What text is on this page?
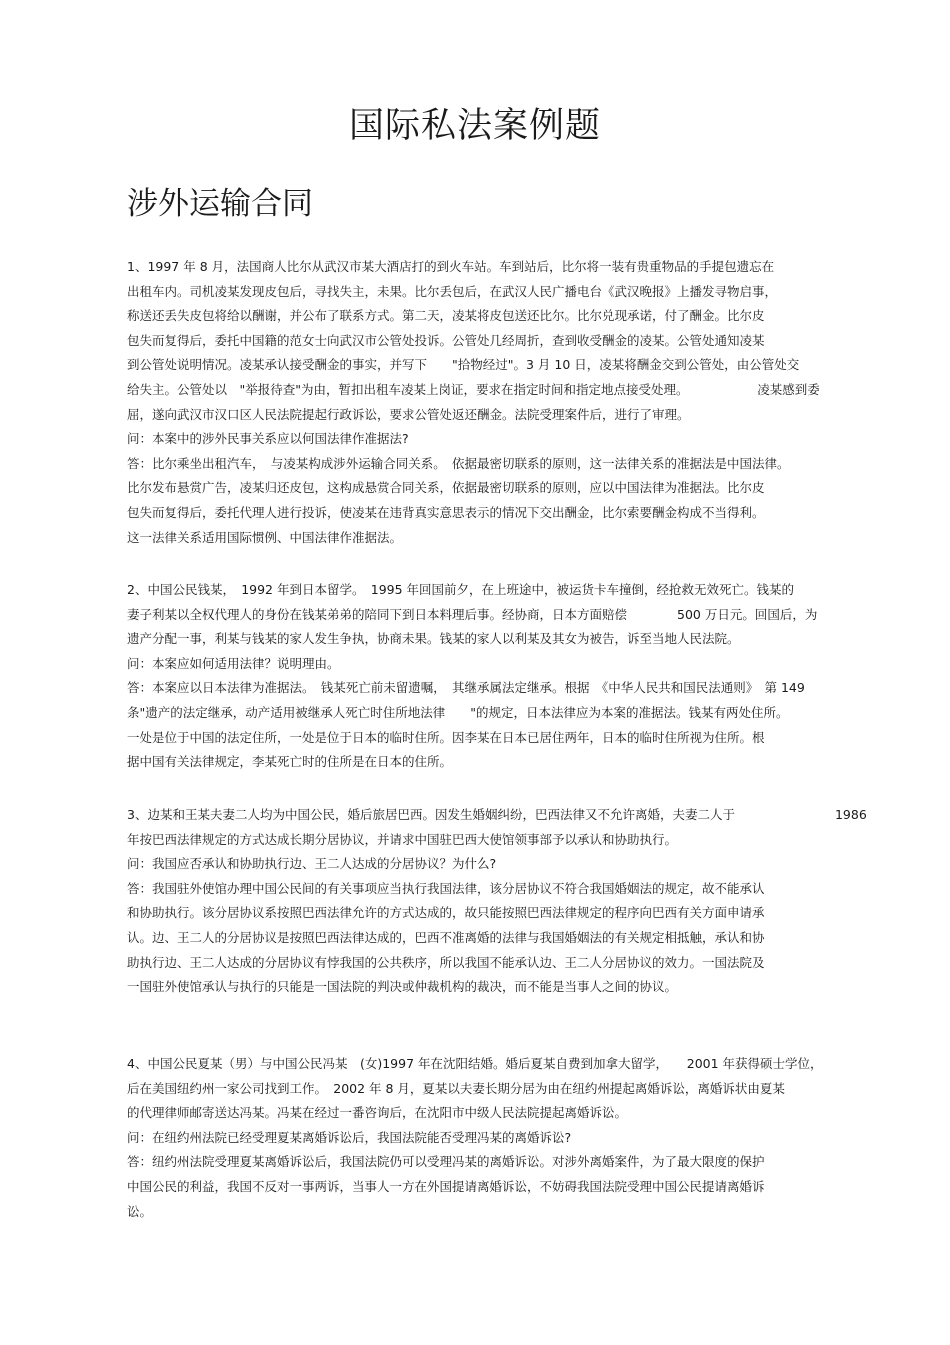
国际私法案例题
涉外运输合同
1、1997 年 8 月，法国商人比尔从武汉市某大酒店打的到火车站。车到站后，比尔将一装有贵重物品的手提包遗忘在
出租车内。司机凌某发现皮包后，寻找失主，未果。比尔丢包后，在武汉人民广播电台《武汉晚报》上播发寻物启事，
称送还丢失皮包将给以酬谢，并公布了联系方式。第二天，凌某将皮包送还比尔。比尔兑现承诺，付了酬金。比尔皮
包失而复得后，委托中国籍的范女士向武汉市公管处投诉。公管处几经周折，查到收受酬金的凌某。公管处通知凌某
到公管处说明情况。凌某承认接受酬金的事实，并写下　　"拾物经过"。3 月 10 日，凌某将酬金交到公管处，由公管处交
给失主。公管处以　"举报待查"为由，暂扣出租车凌某上岗证，要求在指定时间和指定地点接受处理。　　　　　　凌某感到委
屈，遂向武汉市汉口区人民法院提起行政诉讼，要求公管处返还酬金。法院受理案件后，进行了审理。
问：本案中的涉外民事关系应以何国法律作准据法?
答：比尔乘坐出租汽车，　与凌某构成涉外运输合同关系。　依据最密切联系的原则，这一法律关系的准据法是中国法律。
比尔发布悬赏广告，凌某归还皮包，这构成悬赏合同关系，依据最密切联系的原则，应以中国法律为准据法。比尔皮
包失而复得后，委托代理人进行投诉，使凌某在违背真实意思表示的情况下交出酬金，比尔索要酬金构成不当得利。
这一法律关系适用国际惯例、中国法律作准据法。
2、中国公民钱某，　1992 年到日本留学。　1995 年回国前夕，在上班途中，被运货卡车撞倒，经抢救无效死亡。钱某的
妻子利某以全权代理人的身份在钱某弟弟的陪同下到日本料理后事。经协商，日本方面赔偿　　　　500 万日元。回国后，为
遗产分配一事，利某与钱某的家人发生争执，协商未果。钱某的家人以利某及其女为被告，诉至当地人民法院。
问：本案应如何适用法律？说明理由。
答：本案应以日本法律为准据法。　钱某死亡前未留遗嘱，　其继承属法定继承。根据　《中华人民共和国民法通则》　第 149
条"遗产的法定继承，动产适用被继承人死亡时住所地法律　　"的规定，日本法律应为本案的准据法。钱某有两处住所。
一处是位于中国的法定住所，一处是位于日本的临时住所。因李某在日本已居住两年，日本的临时住所视为住所。根
据中国有关法律规定，李某死亡时的住所是在日本的住所。
3、边某和王某夫妻二人均为中国公民，婚后旅居巴西。因发生婚姻纠纷，巴西法律又不允许离婚，夫妻二人于　　　　　　　　1986
年按巴西法律规定的方式达成长期分居协议，并请求中国驻巴西大使馆领事部予以承认和协助执行。
问：我国应否承认和协助执行边、王二人达成的分居协议？为什么?
答：我国驻外使馆办理中国公民间的有关事项应当执行我国法律，该分居协议不符合我国婚姻法的规定，故不能承认
和协助执行。该分居协议系按照巴西法律允许的方式达成的，故只能按照巴西法律规定的程序向巴西有关方面申请承
认。边、王二人的分居协议是按照巴西法律达成的，巴西不准离婚的法律与我国婚姻法的有关规定相抵触，承认和协
助执行边、王二人达成的分居协议有悖我国的公共秩序，所以我国不能承认边、王二人分居协议的效力。一国法院及
一国驻外使馆承认与执行的只能是一国法院的判决或仲裁机构的裁决，而不能是当事人之间的协议。
4、中国公民夏某（男）与中国公民冯某　(女)1997 年在沈阳结婚。婚后夏某自费到加拿大留学，　　2001 年获得硕士学位，
后在美国纽约州一家公司找到工作。　2002 年 8 月，夏某以夫妻长期分居为由在纽约州提起离婚诉讼，离婚诉状由夏某
的代理律师邮寄送达冯某。冯某在经过一番咨询后，在沈阳市中级人民法院提起离婚诉讼。
问：在纽约州法院已经受理夏某离婚诉讼后，我国法院能否受理冯某的离婚诉讼?
答：纽约州法院受理夏某离婚诉讼后，我国法院仍可以受理冯某的离婚诉讼。对涉外离婚案件，为了最大限度的保护
中国公民的利益，我国不反对一事两诉，当事人一方在外国提请离婚诉讼，不妨碍我国法院受理中国公民提请离婚诉
讼。
